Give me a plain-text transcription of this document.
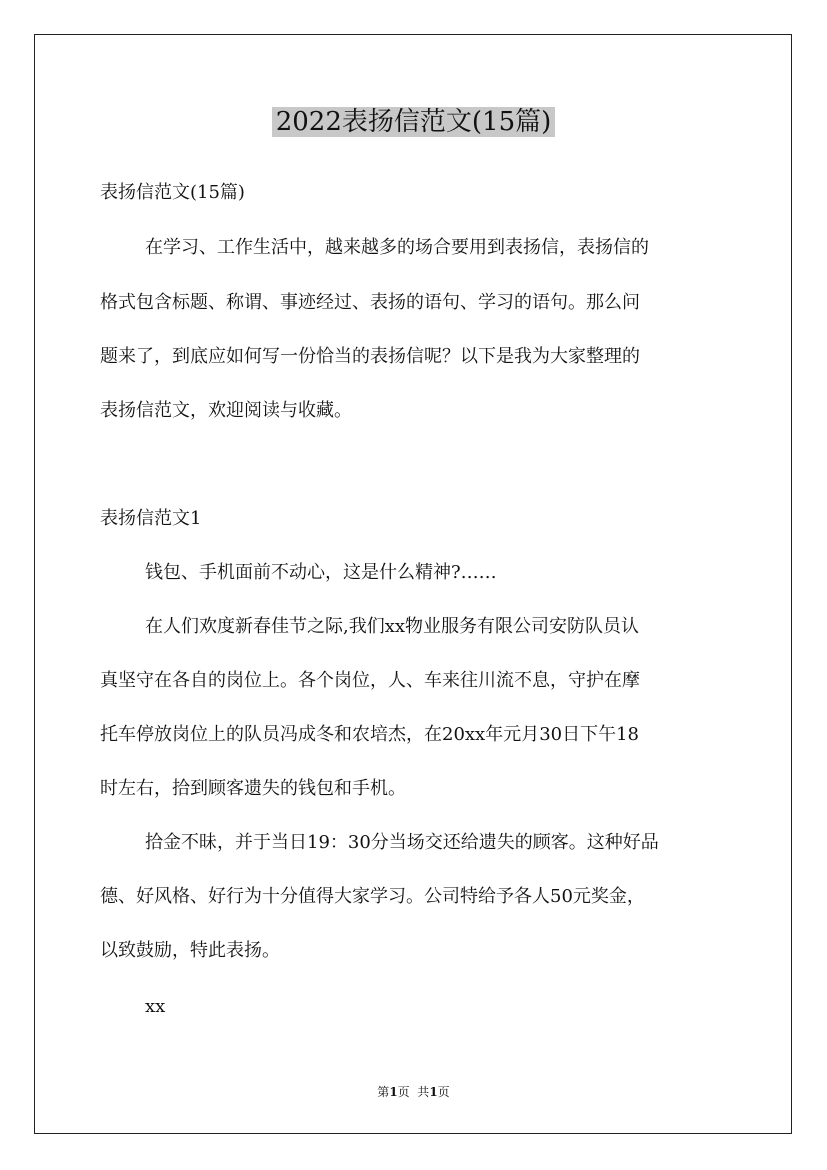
2022表扬信范文(15篇)
表扬信范文(15篇)
在学习、工作生活中，越来越多的场合要用到表扬信，表扬信的
格式包含标题、称谓、事迹经过、表扬的语句、学习的语句。那么问
题来了，到底应如何写一份恰当的表扬信呢？以下是我为大家整理的
表扬信范文，欢迎阅读与收藏。
表扬信范文1
钱包、手机面前不动心，这是什么精神?……
在人们欢度新春佳节之际,我们xx物业服务有限公司安防队员认
真坚守在各自的岗位上。各个岗位，人、车来往川流不息，守护在摩
托车停放岗位上的队员冯成冬和农培杰，在20xx年元月30日下午18
时左右，拾到顾客遗失的钱包和手机。
拾金不昧，并于当日19：30分当场交还给遗失的顾客。这种好品
德、好风格、好行为十分值得大家学习。公司特给予各人50元奖金，
以致鼓励，特此表扬。
xx
第1页  共1页
